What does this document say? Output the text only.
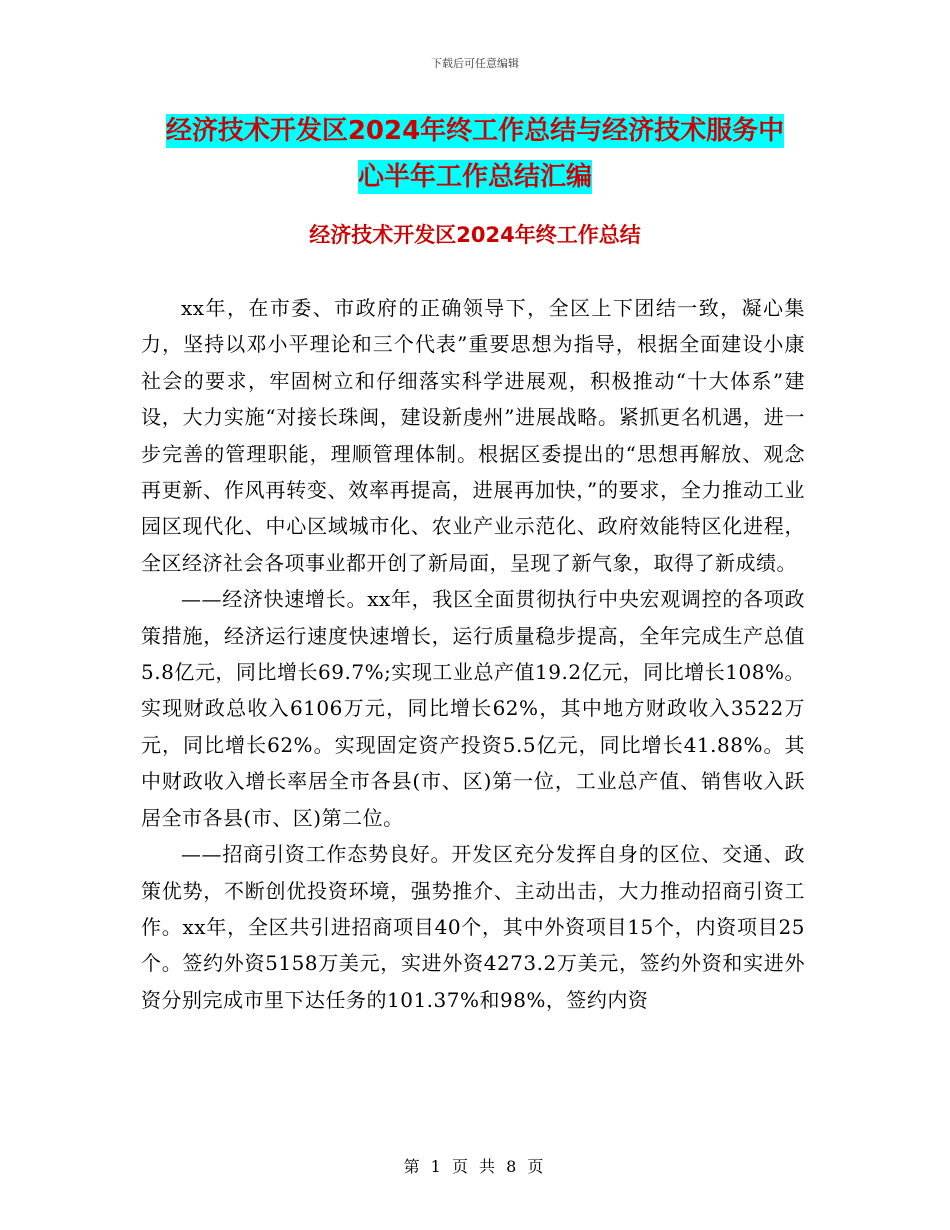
下载后可任意编辑
经济技术开发区2024年终工作总结与经济技术服务中
心半年工作总结汇编
经济技术开发区2024年终工作总结

xx年，在市委、市政府的正确领导下，全区上下团结一致，凝心集力，坚持以邓小平理论和三个代表”重要思想为指导，根据全面建设小康社会的要求，牢固树立和仔细落实科学进展观，积极推动“十大体系”建设，大力实施“对接长珠闽，建设新虔州”进展战略。紧抓更名机遇，进一步完善的管理职能，理顺管理体制。根据区委提出的“思想再解放、观念再更新、作风再转变、效率再提高，进展再加快，”的要求，全力推动工业园区现代化、中心区域城市化、农业产业示范化、政府效能特区化进程，全区经济社会各项事业都开创了新局面，呈现了新气象，取得了新成绩。

——经济快速增长。xx年，我区全面贯彻执行中央宏观调控的各项政策措施，经济运行速度快速增长，运行质量稳步提高，全年完成生产总值5.8亿元，同比增长69.7%;实现工业总产值19.2亿元，同比增长108%。实现财政总收入6106万元，同比增长62%，其中地方财政收入3522万元，同比增长62%。实现固定资产投资5.5亿元，同比增长41.88%。其中财政收入增长率居全市各县(市、区)第一位，工业总产值、销售收入跃居全市各县(市、区)第二位。

——招商引资工作态势良好。开发区充分发挥自身的区位、交通、政策优势，不断创优投资环境，强势推介、主动出击，大力推动招商引资工作。xx年，全区共引进招商项目40个，其中外资项目15个，内资项目25个。签约外资5158万美元，实进外资4273.2万美元，签约外资和实进外资分别完成市里下达任务的101.37%和98%，签约内资

第 1 页 共 8 页
